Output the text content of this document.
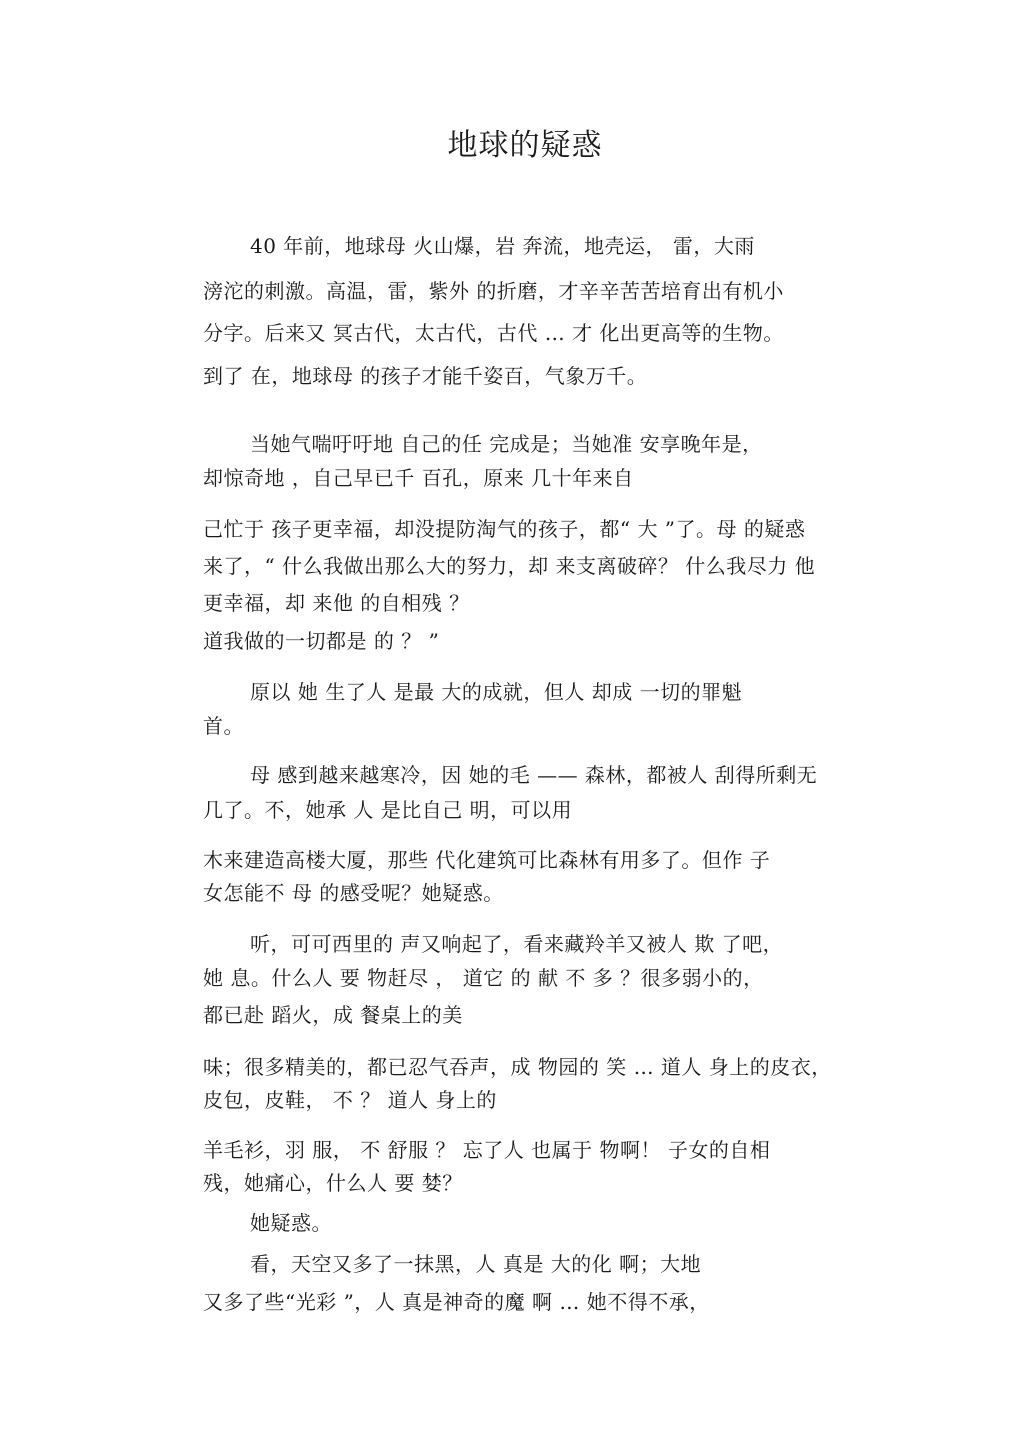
地球的疑惑
40 年前，地球母 火山爆，岩 奔流，地壳运， 雷，大雨
滂沱的刺激。高温，雷，紫外 的折磨，才辛辛苦苦培育出有机小
分字。后来又 冥古代，太古代，古代 … 才 化出更高等的生物。
到了 在，地球母 的孩子才能千姿百，气象万千。
当她气喘吁吁地 自己的任 完成是；当她准 安享晚年是，
却惊奇地 ，自己早已千 百孔，原来 几十年来自
己忙于 孩子更幸福，却没提防淘气的孩子，都“ 大 ”了。母 的疑惑
来了，“ 什么我做出那么大的努力，却 来支离破碎？ 什么我尽力 他
更幸福，却 来他 的自相残 ？
道我做的一切都是 的 ？ ”
原以 她 生了人 是最 大的成就，但人 却成 一切的罪魁
首。
母 感到越来越寒冷，因 她的毛 —— 森林，都被人 刮得所剩无
几了。不，她承 人 是比自己 明，可以用
木来建造高楼大厦，那些 代化建筑可比森林有用多了。但作 子
女怎能不 母 的感受呢？她疑惑。
听，可可西里的 声又响起了，看来藏羚羊又被人 欺 了吧，
她 息。什么人 要 物赶尽 ， 道它 的 献 不 多 ？很多弱小的，
都已赴 蹈火，成 餐桌上的美
味；很多精美的，都已忍气吞声，成 物园的 笑 … 道人 身上的皮衣，
皮包，皮鞋， 不 ？ 道人 身上的
羊毛衫，羽 服， 不 舒服 ？ 忘了人 也属于 物啊！ 子女的自相
残，她痛心，什么人 要 婪？
她疑惑。
看，天空又多了一抹黑，人 真是 大的化 啊；大地
又多了些“光彩 ”，人 真是神奇的魔 啊 … 她不得不承，
